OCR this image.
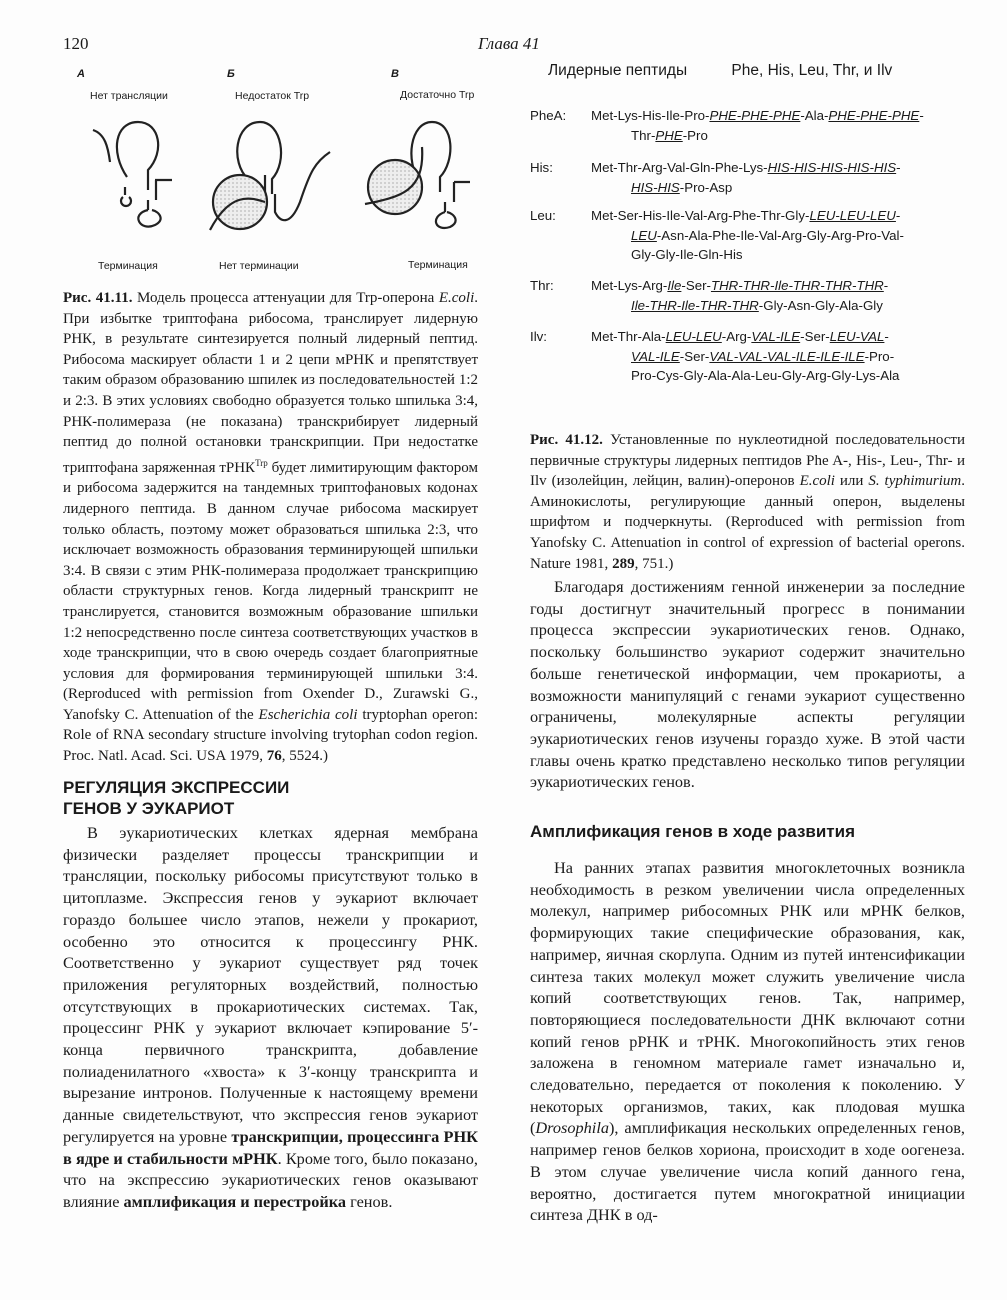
120	Глава 41
А
Нет трансляции
Терминация
Б
Недостаток Trp
Нет терминации
В
Достаточно Trp
Терминация
Рис. 41.11. Модель процесса аттенуации для Trp-оперона E.coli. При избытке триптофана рибосома, транслирует лидерную РНК, в результате синтезируется полный лидерный пептид. Рибосома маскирует области 1 и 2 цепи мРНК и препятствует таким образом образованию шпилек из последовательностей 1:2 и 2:3. В этих условиях свободно образуется только шпилька 3:4, РНК-полимераза (не показана) транскрибирует лидерный пептид до полной остановки транскрипции. При недостатке триптофана заряженная тРНК$^{Trp}$ будет лимитирующим фактором и рибосома задержится на тандемных триптофановых кодонах лидерного пептида. В данном случае рибосома маскирует только область, поэтому может образоваться шпилька 2:3, что исключает возможность образования терминирующей шпильки 3:4. В связи с этим РНК-полимераза продолжает транскрипцию области структурных генов. Когда лидерный транскрипт не транслируется, становится возможным образование шпильки 1:2 непосредственно после синтеза соответствующих участков в ходе транскрипции, что в свою очередь создает благоприятные условия для формирования терминирующей шпильки 3:4. (Reproduced with permission from Oxender D., Zurawski G., Yanofsky C. Attenuation of the Escherichia coli tryptophan operon: Role of RNA secondary structure involving trytophan codon region. Proc. Natl. Acad. Sci. USA 1979, 76, 5524.)
Лидерные пептиды	Phe, His, Leu, Thr, и Ilv
Рис. 41.12. Установленные по нуклеотидной последовательности первичные структуры лидерных пептидов Phe A-, His-, Leu-, Thr- и Ilv (изолейцин, лейцин, валин)-оперонов E.coli или S. typhimurium. Аминокислоты, регулирующие данный оперон, выделены шрифтом и подчеркнуты. (Reproduced with permission from Yanofsky C. Attenuation in control of expression of bacterial operons. Nature 1981, 289, 751.)
РЕГУЛЯЦИЯ ЭКСПРЕССИИ
ГЕНОВ У ЭУКАРИОТ
В эукариотических клетках ядерная мембрана физически разделяет процессы транскрипции и трансляции, поскольку рибосомы присутствуют только в цитоплазме. Экспрессия генов у эукариот включает гораздо большее число этапов, нежели у прокариот, особенно это относится к процессингу РНК. Соответственно у эукариот существует ряд точек приложения регуляторных воздействий, полностью отсутствующих в прокариотических системах. Так, процессинг РНК у эукариот включает кэпирование 5′-конца первичного транскрипта, добавление полиаденилатного «хвоста» к 3′-концу транскрипта и вырезание интронов. Полученные к настоящему времени данные свидетельствуют, что экспрессия генов эукариот регулируется на уровне транскрипции, процессинга РНК в ядре и стабильности мРНК. Кроме того, было показано, что на экспрессию эукариотических генов оказывают влияние амплификация и перестройка генов.
Благодаря достижениям генной инженерии за последние годы достигнут значительный прогресс в понимании процесса экспрессии эукариотических генов. Однако, поскольку большинство эукариот содержит значительно больше генетической информации, чем прокариоты, а возможности манипуляций с генами эукариот существенно ограничены, молекулярные аспекты регуляции эукариотических генов изучены гораздо хуже. В этой части главы очень кратко представлено несколько типов регуляции эукариотических генов.
Амплификация генов в ходе развития
На ранних этапах развития многоклеточных возникла необходимость в резком увеличении числа определенных молекул, например рибосомных РНК или мРНК белков, формирующих такие специфические образования, как, например, яичная скорлупа. Одним из путей интенсификации синтеза таких молекул может служить увеличение числа копий соответствующих генов. Так, например, повторяющиеся последовательности ДНК включают сотни копий генов рРНК и тРНК. Многокопийность этих генов заложена в геномном материале гамет изначально и, следовательно, передается от поколения к поколению. У некоторых организмов, таких, как плодовая мушка (Drosophila), амплификация нескольких определенных генов, например генов белков хориона, происходит в ходе оогенеза. В этом случае увеличение числа копий данного гена, вероятно, достигается путем многократной инициации синтеза ДНК в од-
PheA: Met-Lys-His-Ile-Pro-PHE-PHE-PHE-Ala-PHE-PHE-PHE-
Thr-PHE-Pro
His:	Met-Thr-Arg-Val-Gln-Phe-Lys-HIS-HIS-HIS-HIS-HIS-
HIS-HIS-Pro-Asp
Leu:	Met-Ser-His-Ile-Val-Arg-Phe-Thr-Gly-LEU-LEU-LEU-
LEU-Asn-Ala-Phe-Ile-Val-Arg-Gly-Arg-Pro-Val-
Gly-Gly-Ile-Gln-His
Thr:	Met-Lys-Arg-Ile-Ser-THR-THR-Ile-THR-THR-THR-
Ile-THR-Ile-THR-THR-Gly-Asn-Gly-Ala-Gly
Ilv:	Met-Thr-Ala-LEU-LEU-Arg-VAL-ILE-Ser-LEU-VAL-
VAL-ILE-Ser-VAL-VAL-VAL-ILE-ILE-ILE-Pro-
Pro-Cys-Gly-Ala-Ala-Leu-Gly-Arg-Gly-Lys-Ala
